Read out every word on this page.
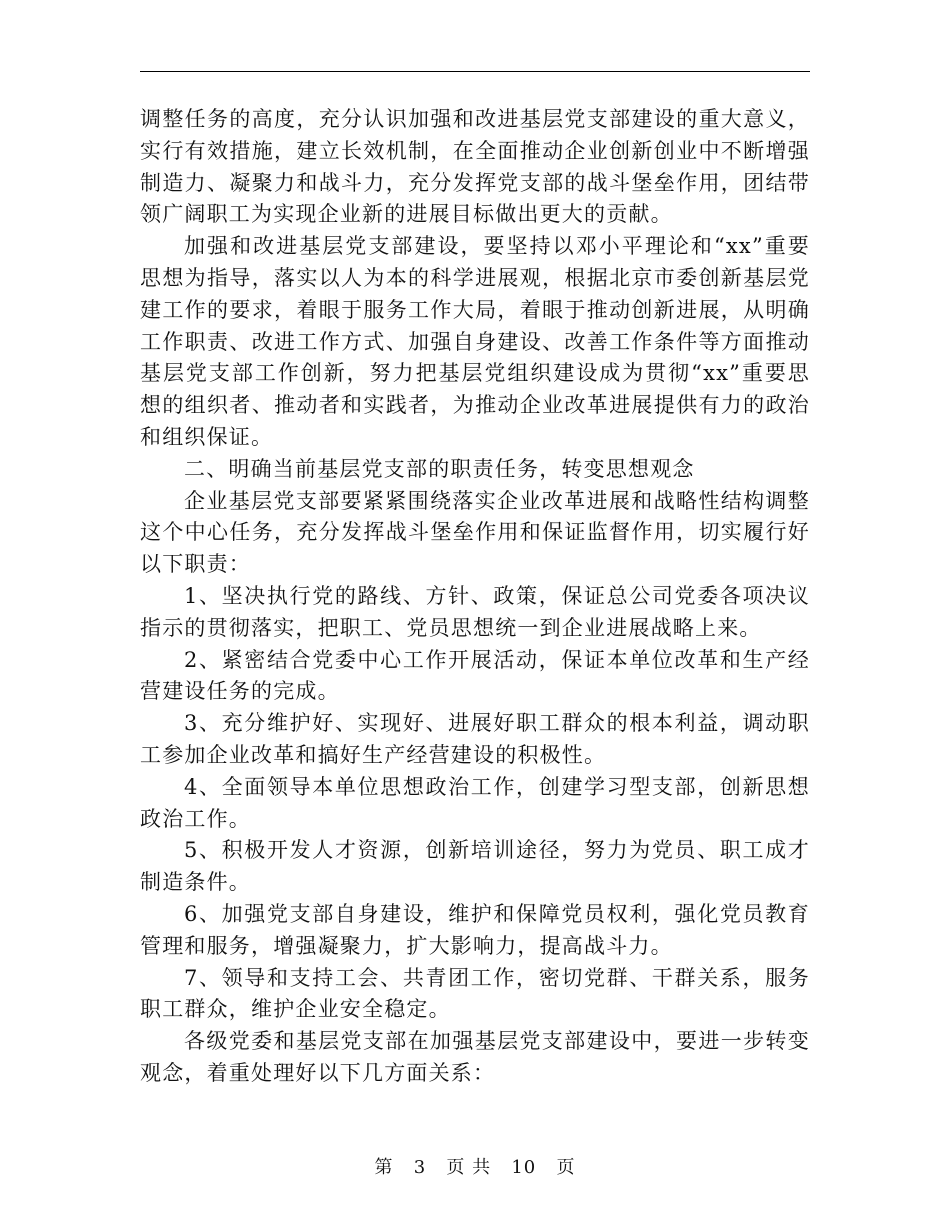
调整任务的高度，充分认识加强和改进基层党支部建设的重大意义，实行有效措施，建立长效机制，在全面推动企业创新创业中不断增强制造力、凝聚力和战斗力，充分发挥党支部的战斗堡垒作用，团结带领广阔职工为实现企业新的进展目标做出更大的贡献。

加强和改进基层党支部建设，要坚持以邓小平理论和“xx”重要思想为指导，落实以人为本的科学进展观，根据北京市委创新基层党建工作的要求，着眼于服务工作大局，着眼于推动创新进展，从明确工作职责、改进工作方式、加强自身建设、改善工作条件等方面推动基层党支部工作创新，努力把基层党组织建设成为贯彻“xx”重要思想的组织者、推动者和实践者，为推动企业改革进展提供有力的政治和组织保证。

二、明确当前基层党支部的职责任务，转变思想观念

企业基层党支部要紧紧围绕落实企业改革进展和战略性结构调整这个中心任务，充分发挥战斗堡垒作用和保证监督作用，切实履行好以下职责：

1、坚决执行党的路线、方针、政策，保证总公司党委各项决议指示的贯彻落实，把职工、党员思想统一到企业进展战略上来。

2、紧密结合党委中心工作开展活动，保证本单位改革和生产经营建设任务的完成。

3、充分维护好、实现好、进展好职工群众的根本利益，调动职工参加企业改革和搞好生产经营建设的积极性。

4、全面领导本单位思想政治工作，创建学习型支部，创新思想政治工作。

5、积极开发人才资源，创新培训途径，努力为党员、职工成才制造条件。

6、加强党支部自身建设，维护和保障党员权利，强化党员教育管理和服务，增强凝聚力，扩大影响力，提高战斗力。

7、领导和支持工会、共青团工作，密切党群、干群关系，服务职工群众，维护企业安全稳定。

各级党委和基层党支部在加强基层党支部建设中，要进一步转变观念，着重处理好以下几方面关系：

第 3 页 共 10 页
